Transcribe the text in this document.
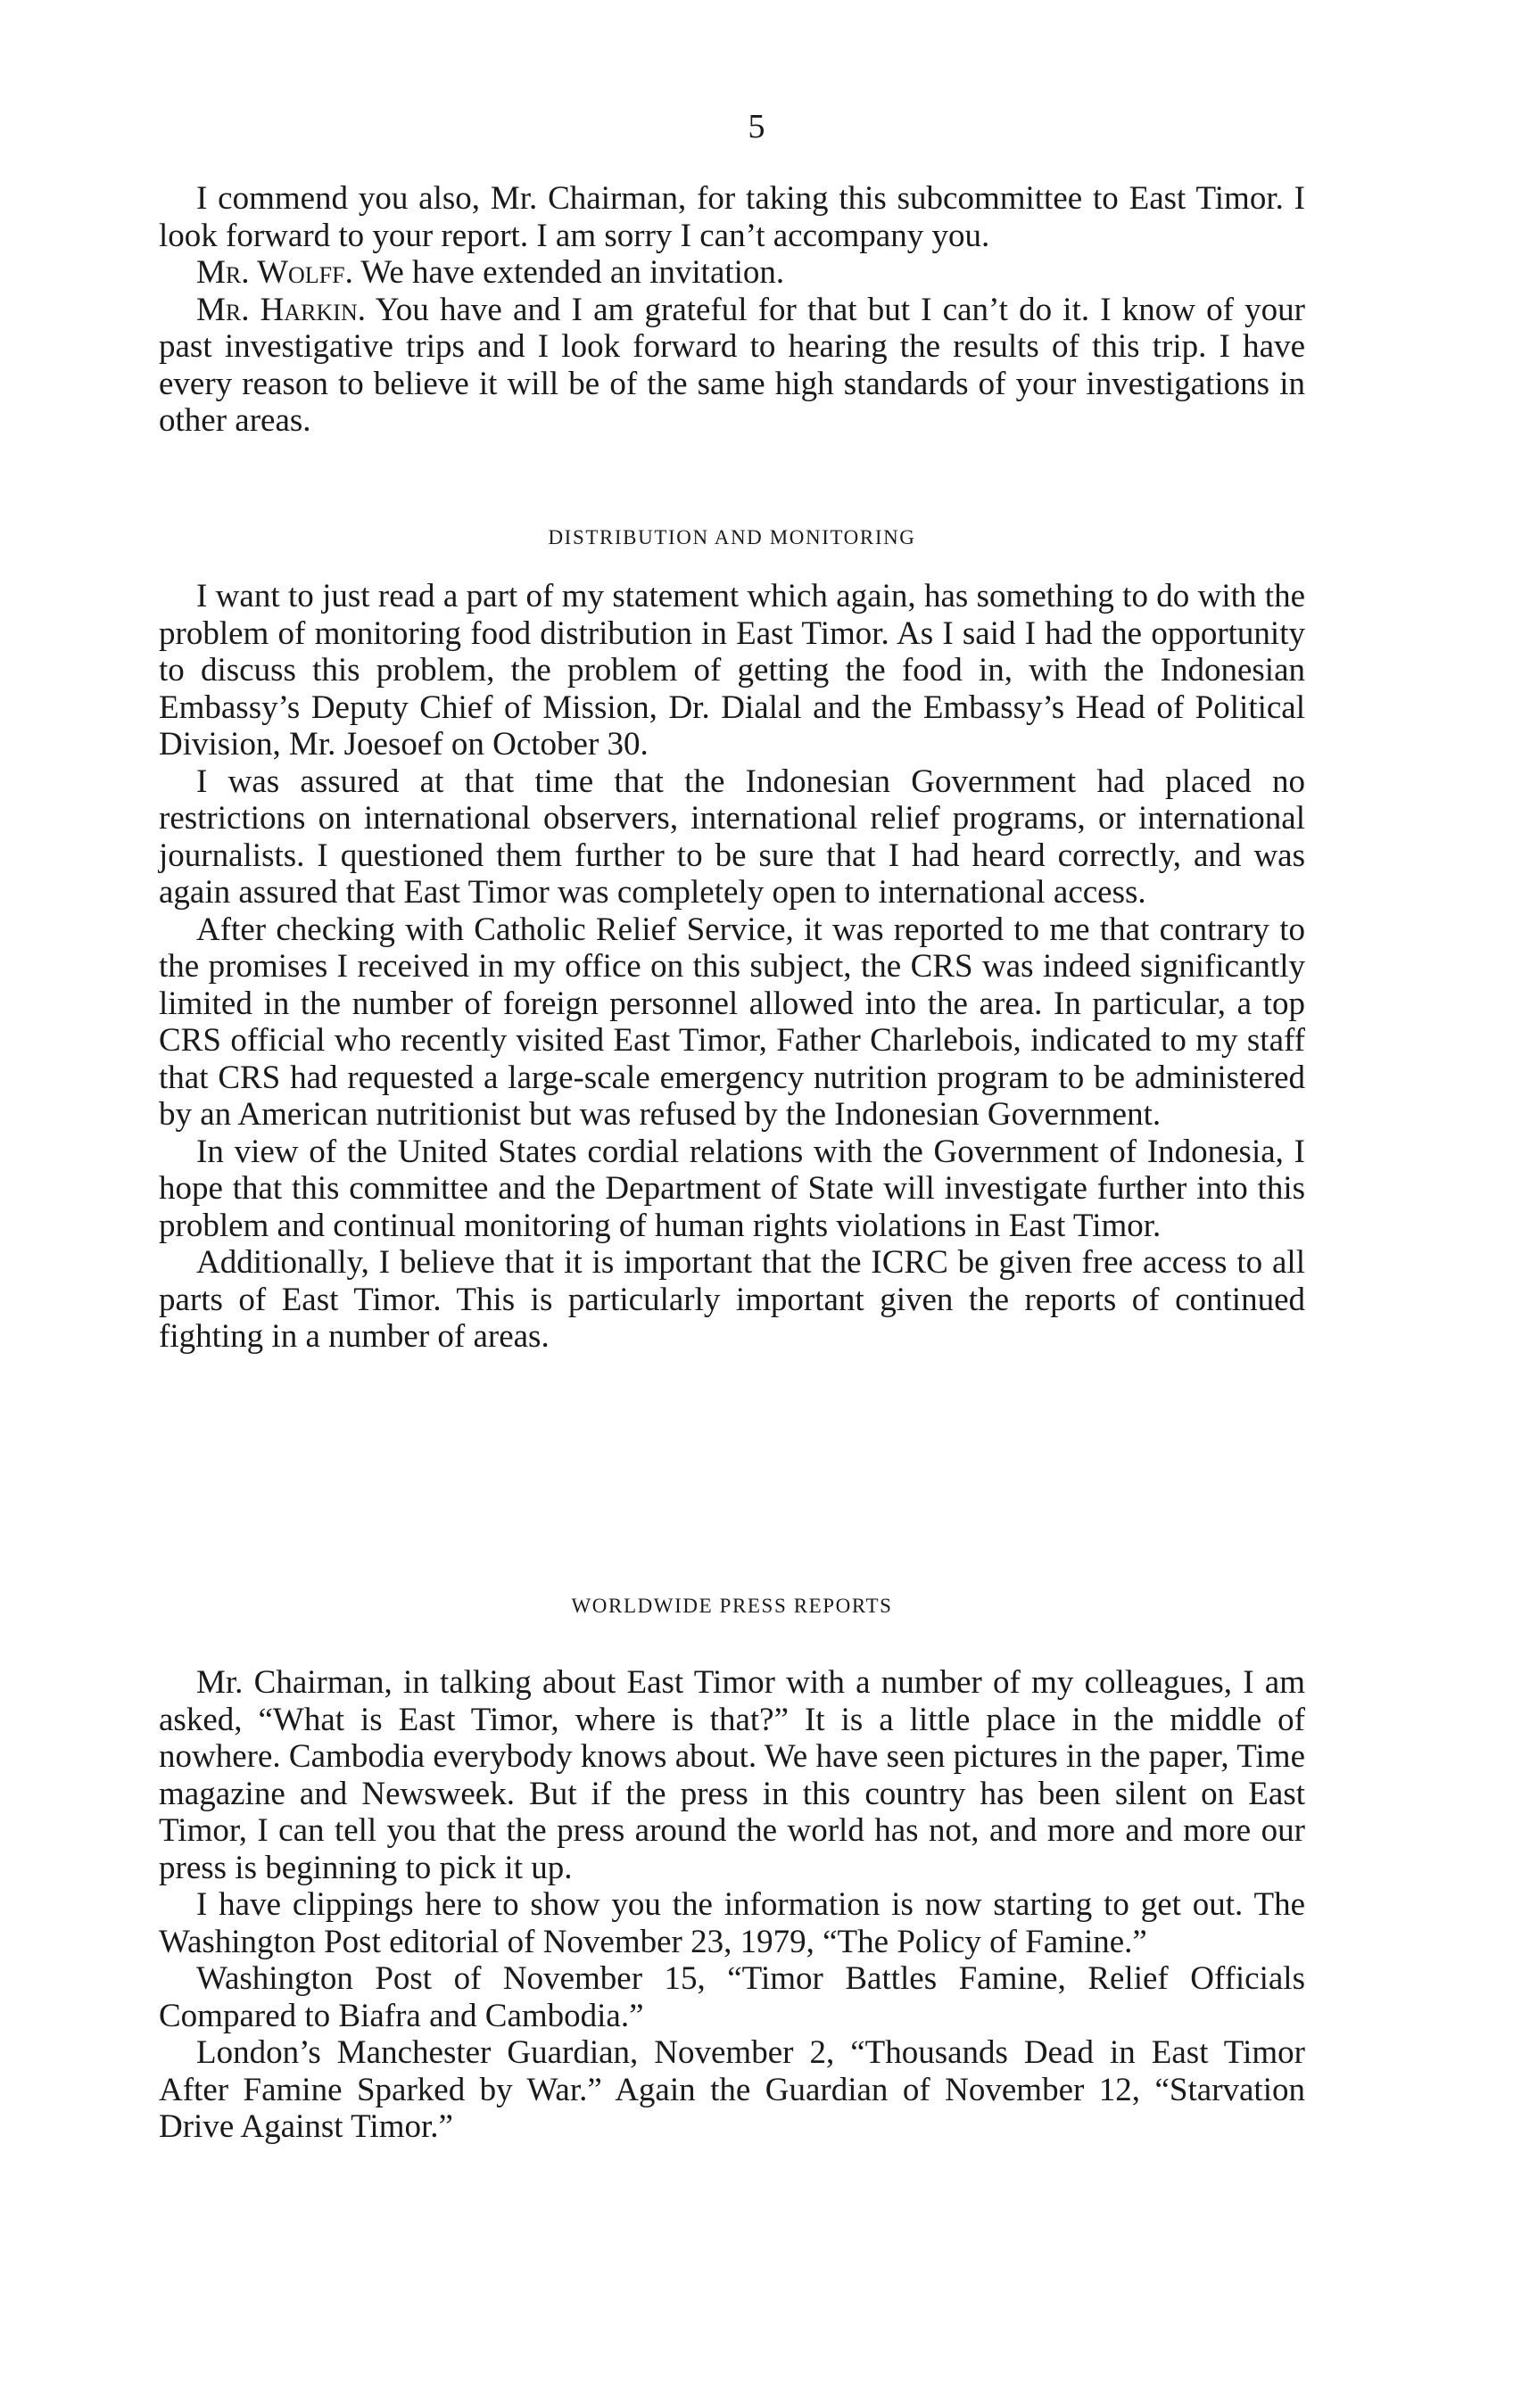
5

I commend you also, Mr. Chairman, for taking this subcommittee to East Timor. I look forward to your report. I am sorry I can’t accompany you.

Mr. Wolff. We have extended an invitation.

Mr. Harkin. You have and I am grateful for that but I can’t do it. I know of your past investigative trips and I look forward to hearing the results of this trip. I have every reason to believe it will be of the same high standards of your investigations in other areas.

DISTRIBUTION AND MONITORING

I want to just read a part of my statement which again, has something to do with the problem of monitoring food distribution in East Timor. As I said I had the opportunity to discuss this problem, the problem of getting the food in, with the Indonesian Embassy’s Deputy Chief of Mission, Dr. Dialal and the Embassy’s Head of Political Division, Mr. Joesoef on October 30.

I was assured at that time that the Indonesian Government had placed no restrictions on international observers, international relief programs, or international journalists. I questioned them further to be sure that I had heard correctly, and was again assured that East Timor was completely open to international access.

After checking with Catholic Relief Service, it was reported to me that contrary to the promises I received in my office on this subject, the CRS was indeed significantly limited in the number of foreign personnel allowed into the area. In particular, a top CRS official who recently visited East Timor, Father Charlebois, indicated to my staff that CRS had requested a large-scale emergency nutrition program to be administered by an American nutritionist but was refused by the Indonesian Government.

In view of the United States cordial relations with the Government of Indonesia, I hope that this committee and the Department of State will investigate further into this problem and continual monitoring of human rights violations in East Timor.

Additionally, I believe that it is important that the ICRC be given free access to all parts of East Timor. This is particularly important given the reports of continued fighting in a number of areas.

WORLDWIDE PRESS REPORTS

Mr. Chairman, in talking about East Timor with a number of my colleagues, I am asked, “What is East Timor, where is that?” It is a little place in the middle of nowhere. Cambodia everybody knows about. We have seen pictures in the paper, Time magazine and Newsweek. But if the press in this country has been silent on East Timor, I can tell you that the press around the world has not, and more and more our press is beginning to pick it up.

I have clippings here to show you the information is now starting to get out. The Washington Post editorial of November 23, 1979, “The Policy of Famine.”

Washington Post of November 15, “Timor Battles Famine, Relief Officials Compared to Biafra and Cambodia.”

London’s Manchester Guardian, November 2, “Thousands Dead in East Timor After Famine Sparked by War.” Again the Guardian of November 12, “Starvation Drive Against Timor.”
